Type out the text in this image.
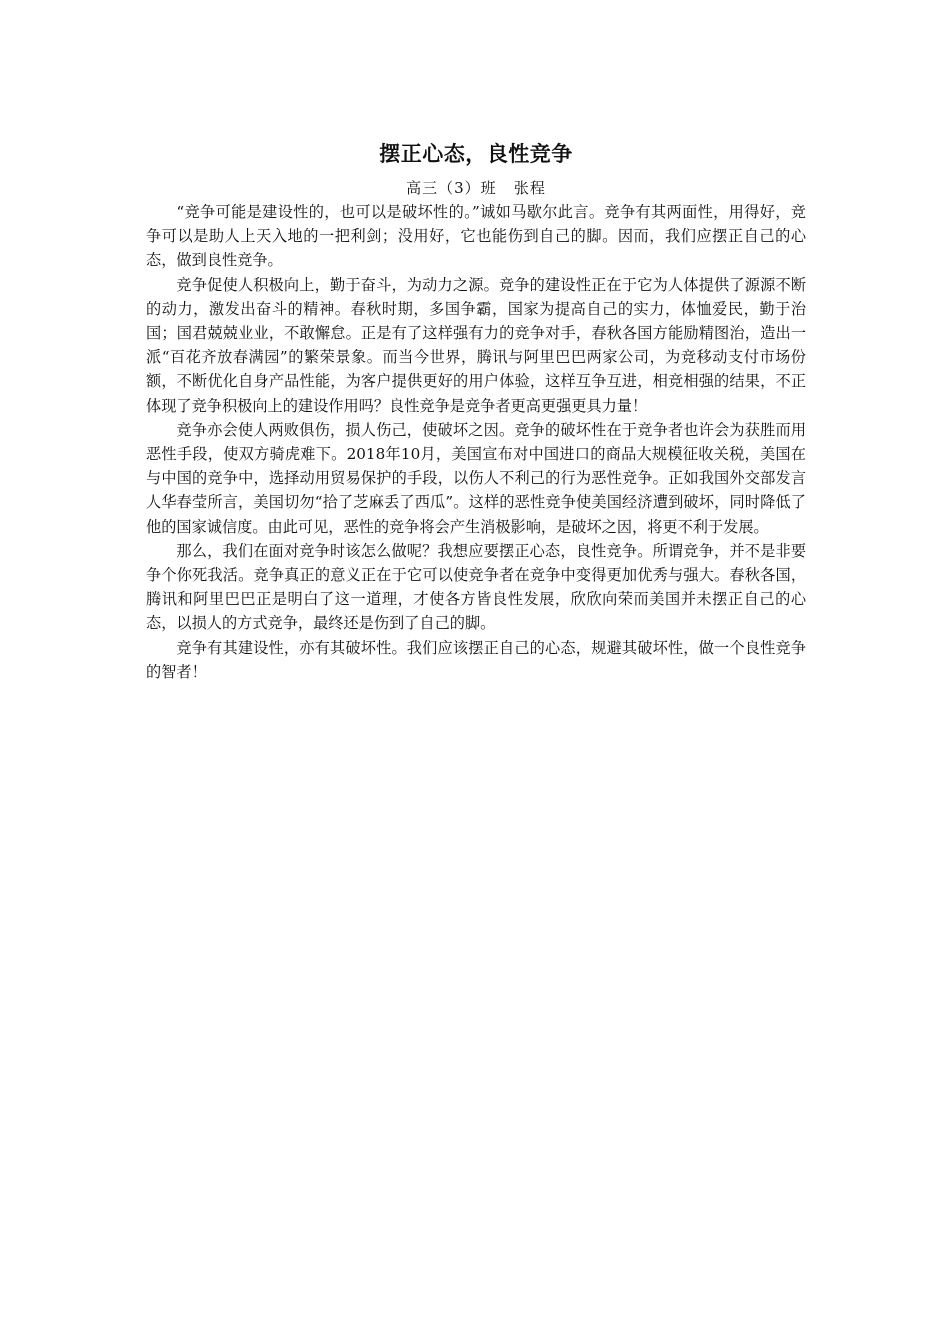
摆正心态，良性竞争
高三（3）班   张程

“竞争可能是建设性的，也可以是破坏性的。”诚如马歇尔此言。竞争有其两面性，用得好，竞争可以是助人上天入地的一把利剑；没用好，它也能伤到自己的脚。因而，我们应摆正自己的心态，做到良性竞争。

竞争促使人积极向上，勤于奋斗，为动力之源。竞争的建设性正在于它为人体提供了源源不断的动力，激发出奋斗的精神。春秋时期，多国争霸，国家为提高自己的实力，体恤爱民，勤于治国；国君兢兢业业，不敢懈怠。正是有了这样强有力的竞争对手，春秋各国方能励精图治，造出一派“百花齐放春满园”的繁荣景象。而当今世界，腾讯与阿里巴巴两家公司，为竞移动支付市场份额，不断优化自身产品性能，为客户提供更好的用户体验，这样互争互进，相竞相强的结果，不正体现了竞争积极向上的建设作用吗？良性竞争是竞争者更高更强更具力量！

竞争亦会使人两败俱伤，损人伤己，使破坏之因。竞争的破坏性在于竞争者也许会为获胜而用恶性手段，使双方骑虎难下。2018年10月，美国宣布对中国进口的商品大规模征收关税，美国在与中国的竞争中，选择动用贸易保护的手段，以伤人不利己的行为恶性竞争。正如我国外交部发言人华春莹所言，美国切勿“拾了芝麻丢了西瓜”。这样的恶性竞争使美国经济遭到破坏，同时降低了他的国家诚信度。由此可见，恶性的竞争将会产生消极影响，是破坏之因，将更不利于发展。

那么，我们在面对竞争时该怎么做呢？我想应要摆正心态，良性竞争。所谓竞争，并不是非要争个你死我活。竞争真正的意义正在于它可以使竞争者在竞争中变得更加优秀与强大。春秋各国，腾讯和阿里巴巴正是明白了这一道理，才使各方皆良性发展，欣欣向荣而美国并未摆正自己的心态，以损人的方式竞争，最终还是伤到了自己的脚。

竞争有其建设性，亦有其破坏性。我们应该摆正自己的心态，规避其破坏性，做一个良性竞争的智者！
